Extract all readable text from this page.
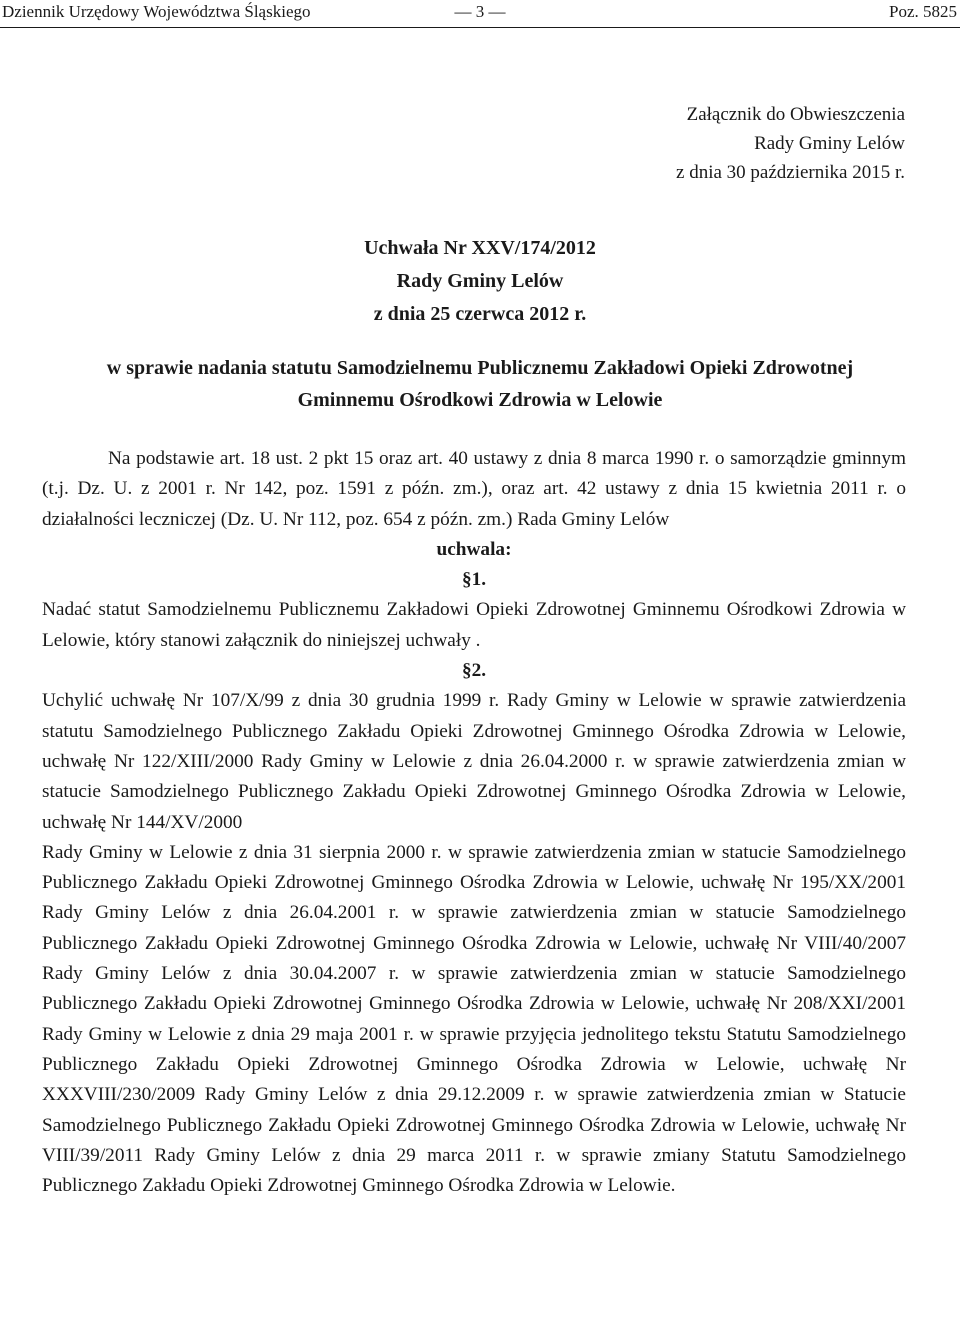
Dziennik Urzędowy Województwa Śląskiego	— 3 —	Poz. 5825
Załącznik do Obwieszczenia
Rady Gminy Lelów
z dnia 30 października 2015 r.
Uchwała Nr XXV/174/2012
Rady Gminy Lelów
z dnia 25 czerwca 2012 r.
w sprawie nadania statutu Samodzielnemu Publicznemu Zakładowi Opieki Zdrowotnej
Gminnemu Ośrodkowi Zdrowia w Lelowie

Na podstawie art. 18 ust. 2 pkt 15 oraz art. 40 ustawy z dnia 8 marca 1990 r. o samorządzie gminnym (t.j. Dz. U. z 2001 r. Nr 142, poz. 1591 z późn. zm.), oraz art. 42 ustawy z dnia 15 kwietnia 2011 r. o działalności leczniczej (Dz. U. Nr 112, poz. 654 z późn. zm.) Rada Gminy Lelów

uchwala:

§1.

Nadać statut Samodzielnemu Publicznemu Zakładowi Opieki Zdrowotnej Gminnemu Ośrodkowi Zdrowia w Lelowie, który stanowi załącznik do niniejszej uchwały .

§2.

Uchylić uchwałę Nr 107/X/99 z dnia 30 grudnia 1999 r. Rady Gminy w Lelowie w sprawie zatwierdzenia statutu Samodzielnego Publicznego Zakładu Opieki Zdrowotnej Gminnego Ośrodka Zdrowia w Lelowie, uchwałę Nr 122/XIII/2000 Rady Gminy w Lelowie z dnia 26.04.2000 r. w sprawie zatwierdzenia zmian w statucie Samodzielnego Publicznego Zakładu Opieki Zdrowotnej Gminnego Ośrodka Zdrowia w Lelowie, uchwałę Nr 144/XV/2000

Rady Gminy w Lelowie z dnia 31 sierpnia 2000 r. w sprawie zatwierdzenia zmian w statucie Samodzielnego Publicznego Zakładu Opieki Zdrowotnej Gminnego Ośrodka Zdrowia w Lelowie, uchwałę Nr 195/XX/2001 Rady Gminy Lelów z dnia 26.04.2001 r. w sprawie zatwierdzenia zmian w statucie Samodzielnego Publicznego Zakładu Opieki Zdrowotnej Gminnego Ośrodka Zdrowia w Lelowie, uchwałę Nr VIII/40/2007 Rady Gminy Lelów z dnia 30.04.2007 r. w sprawie zatwierdzenia zmian w statucie Samodzielnego Publicznego Zakładu Opieki Zdrowotnej Gminnego Ośrodka Zdrowia w Lelowie, uchwałę Nr 208/XXI/2001 Rady Gminy w Lelowie z dnia 29 maja 2001 r. w sprawie przyjęcia jednolitego tekstu Statutu Samodzielnego Publicznego Zakładu Opieki Zdrowotnej Gminnego Ośrodka Zdrowia w Lelowie, uchwałę Nr XXXVIII/230/2009 Rady Gminy Lelów z dnia 29.12.2009 r. w sprawie zatwierdzenia zmian w Statucie Samodzielnego Publicznego Zakładu Opieki Zdrowotnej Gminnego Ośrodka Zdrowia w Lelowie, uchwałę Nr VIII/39/2011 Rady Gminy Lelów z dnia 29 marca 2011 r. w sprawie zmiany Statutu Samodzielnego Publicznego Zakładu Opieki Zdrowotnej Gminnego Ośrodka Zdrowia w Lelowie.
